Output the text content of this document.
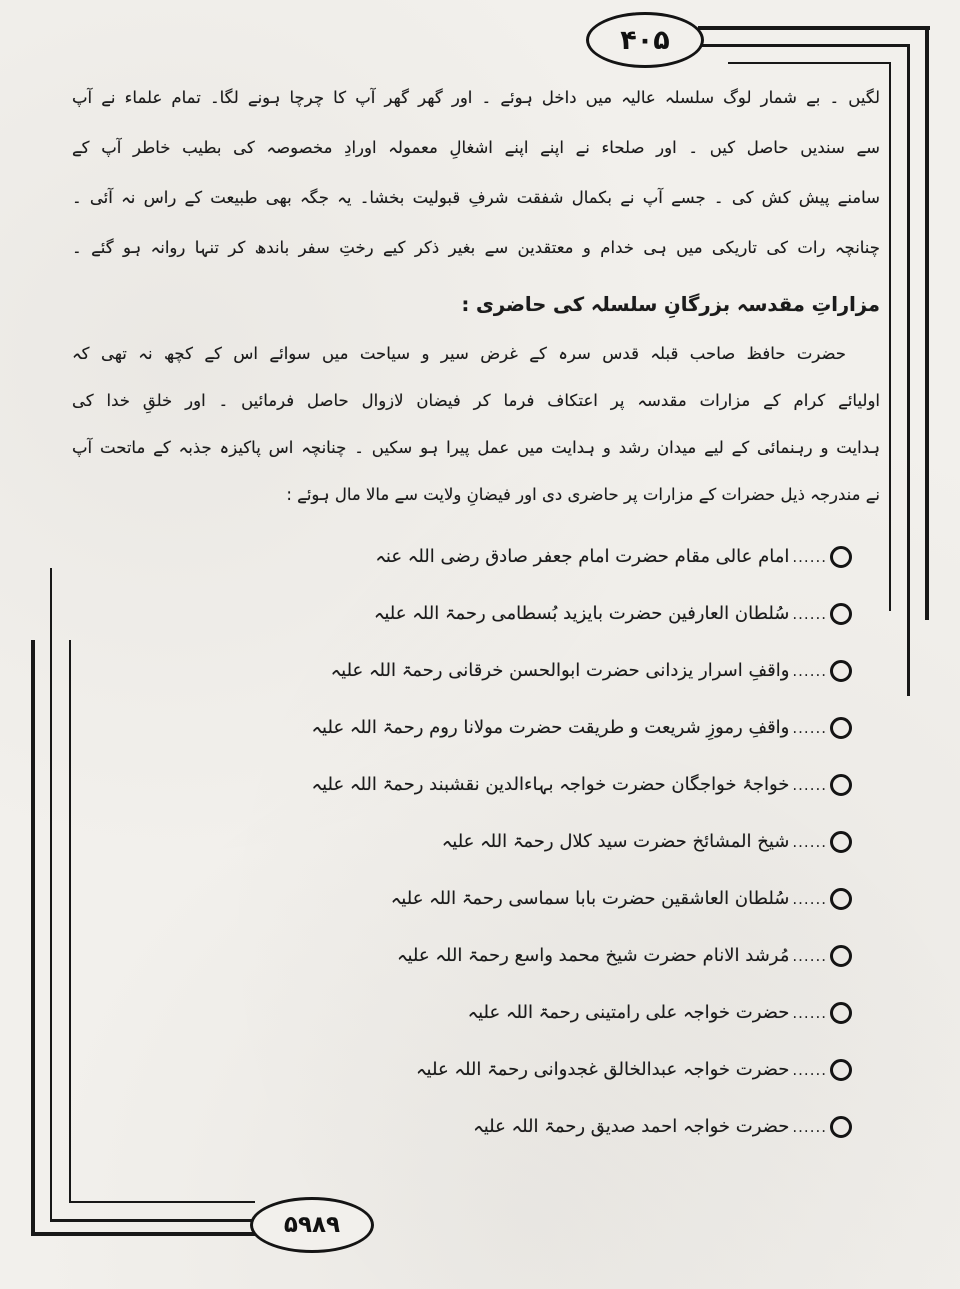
۴۰۵
۵۹۸۹
لگیں ۔ بے شمار لوگ سلسلہ عالیہ میں داخل ہوئے ۔ اور گھر گھر آپ کا چرچا ہونے لگا۔ تمام علماء نے آپ
سے سندیں حاصل کیں ۔ اور صلحاء نے اپنے اپنے اشغالِ معمولہ اورادِ مخصوصہ کی بطیب خاطر آپ کے
سامنے پیش کش کی ۔ جسے آپ نے بکمال شفقت شرفِ قبولیت بخشا۔ یہ جگہ بھی طبیعت کے راس نہ آئی ۔
چنانچہ رات کی تاریکی میں ہی خدام و معتقدین سے بغیر ذکر کیے رختِ سفر باندھ کر تنہا روانہ ہو گئے ۔
مزاراتِ مقدسہ بزرگانِ سلسلہ کی حاضری :
حضرت حافظ صاحب قبلہ قدس سرہ کے غرض سیر و سیاحت میں سوائے اس کے کچھ نہ تھی کہ
اولیائے کرام کے مزارات مقدسہ پر اعتکاف فرما کر فیضان لازوال حاصل فرمائیں ۔ اور خلقِ خدا کی
ہدایت و رہنمائی کے لیے میدان رشد و ہدایت میں عمل پیرا ہو سکیں ۔ چنانچہ اس پاکیزہ جذبہ کے ماتحت آپ
نے مندرجہ ذیل حضرات کے مزارات پر حاضری دی اور فیضانِ ولایت سے مالا مال ہوئے :
......
امام عالی مقام حضرت امام جعفر صادق رضی اللہ عنہ
......
سُلطان العارفین حضرت بایزید بُسطامی رحمۃ اللہ علیہ
......
واقفِ اسرار یزدانی حضرت ابوالحسن خرقانی رحمۃ اللہ علیہ
......
واقفِ رموزِ شریعت و طریقت حضرت مولانا روم رحمۃ اللہ علیہ
......
خواجۂ خواجگان حضرت خواجہ بہاءالدین نقشبند رحمۃ اللہ علیہ
......
شیخ المشائخ حضرت سید کلال رحمۃ اللہ علیہ
......
سُلطان العاشقین حضرت بابا سماسی رحمۃ اللہ علیہ
......
مُرشد الانام حضرت شیخ محمد واسع رحمۃ اللہ علیہ
......
حضرت خواجہ علی رامتینی رحمۃ اللہ علیہ
......
حضرت خواجہ عبدالخالق غجدوانی رحمۃ اللہ علیہ
......
حضرت خواجہ احمد صدیق رحمۃ اللہ علیہ
